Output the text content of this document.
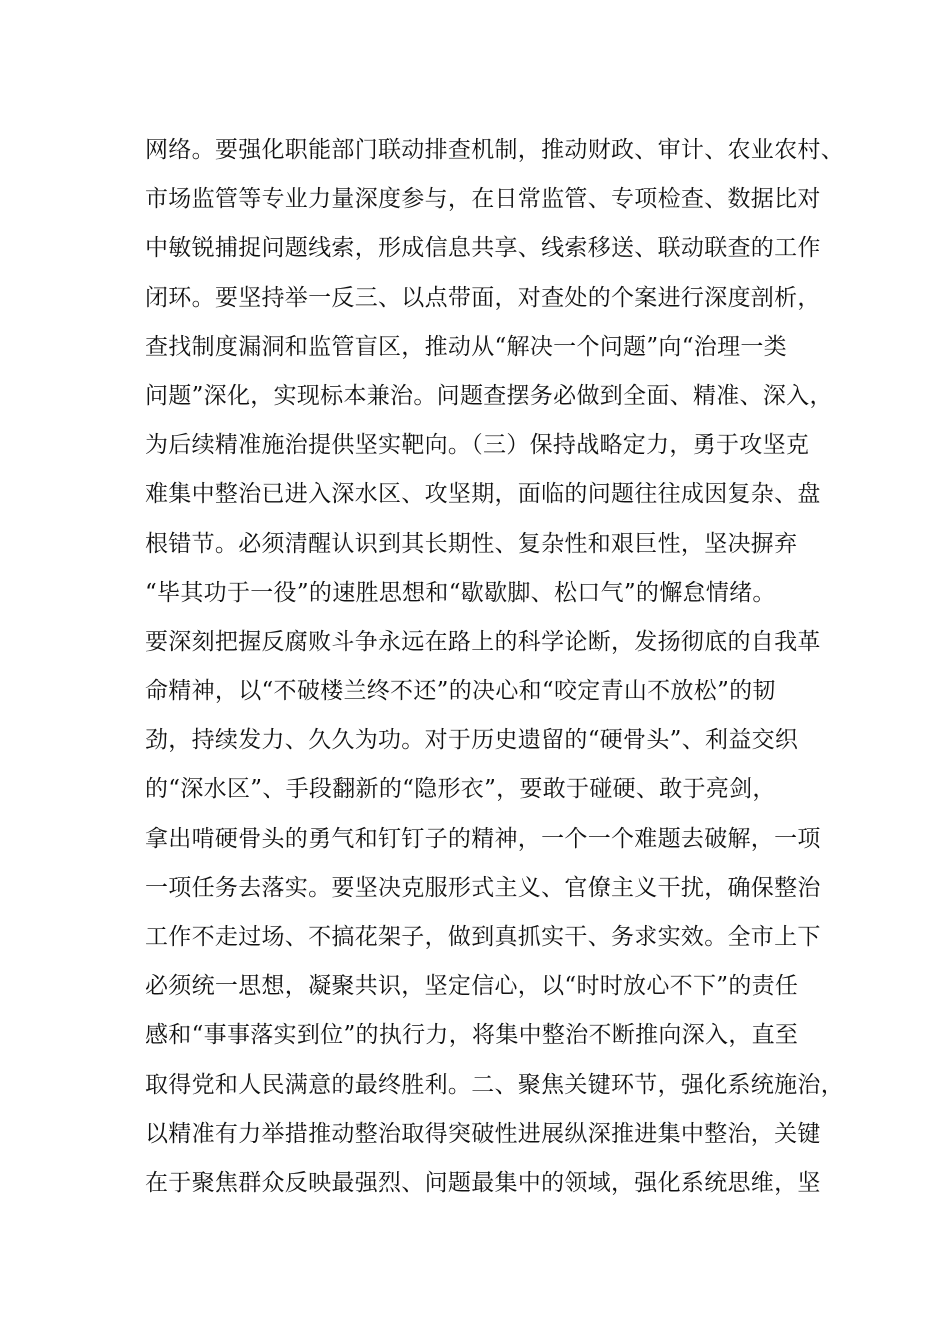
网络。要强化职能部门联动排查机制，推动财政、审计、农业农村、
市场监管等专业力量深度参与，在日常监管、专项检查、数据比对
中敏锐捕捉问题线索，形成信息共享、线索移送、联动联查的工作
闭环。要坚持举一反三、以点带面，对查处的个案进行深度剖析，
查找制度漏洞和监管盲区，推动从“解决一个问题”向“治理一类
问题”深化，实现标本兼治。问题查摆务必做到全面、精准、深入，
为后续精准施治提供坚实靶向。（三）保持战略定力，勇于攻坚克
难集中整治已进入深水区、攻坚期，面临的问题往往成因复杂、盘
根错节。必须清醒认识到其长期性、复杂性和艰巨性，坚决摒弃
“毕其功于一役”的速胜思想和“歇歇脚、松口气”的懈怠情绪。
要深刻把握反腐败斗争永远在路上的科学论断，发扬彻底的自我革
命精神，以“不破楼兰终不还”的决心和“咬定青山不放松”的韧
劲，持续发力、久久为功。对于历史遗留的“硬骨头”、利益交织
的“深水区”、手段翻新的“隐形衣”，要敢于碰硬、敢于亮剑，
拿出啃硬骨头的勇气和钉钉子的精神，一个一个难题去破解，一项
一项任务去落实。要坚决克服形式主义、官僚主义干扰，确保整治
工作不走过场、不搞花架子，做到真抓实干、务求实效。全市上下
必须统一思想，凝聚共识，坚定信心，以“时时放心不下”的责任
感和“事事落实到位”的执行力，将集中整治不断推向深入，直至
取得党和人民满意的最终胜利。二、聚焦关键环节，强化系统施治，
以精准有力举措推动整治取得突破性进展纵深推进集中整治，关键
在于聚焦群众反映最强烈、问题最集中的领域，强化系统思维，坚
